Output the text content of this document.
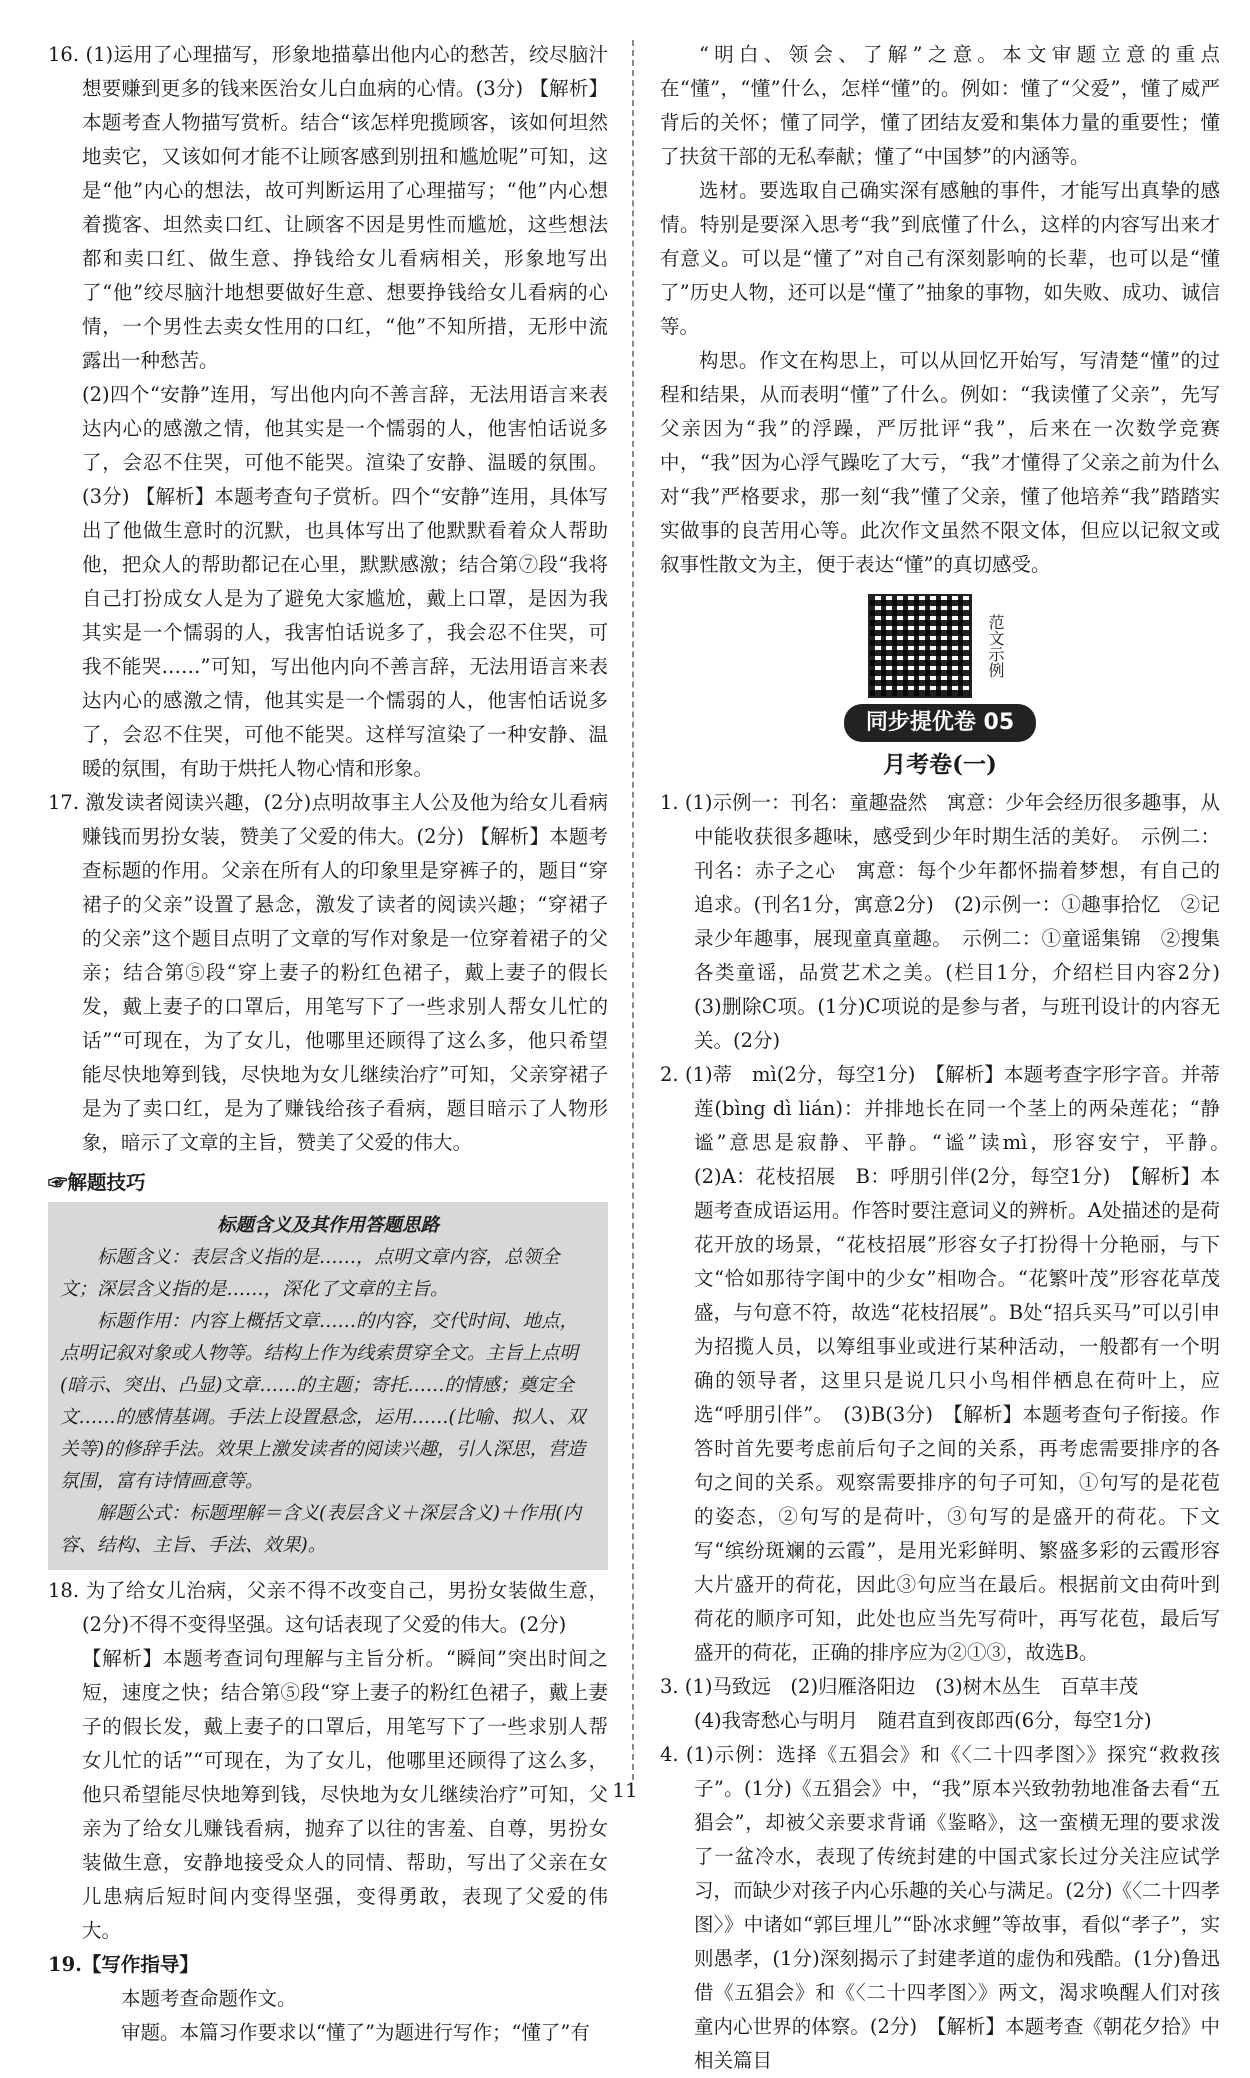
16. (1)运用了心理描写，形象地描摹出他内心的愁苦，绞尽脑汁想要赚到更多的钱来医治女儿白血病的心情。(3分) 【解析】本题考查人物描写赏析。结合“该怎样兜揽顾客，该如何坦然地卖它，又该如何才能不让顾客感到别扭和尴尬呢”可知，这是“他”内心的想法，故可判断运用了心理描写；“他”内心想着揽客、坦然卖口红、让顾客不因是男性而尴尬，这些想法都和卖口红、做生意、挣钱给女儿看病相关，形象地写出了“他”绞尽脑汁地想要做好生意、想要挣钱给女儿看病的心情，一个男性去卖女性用的口红，“他”不知所措，无形中流露出一种愁苦。

(2)四个“安静”连用，写出他内向不善言辞，无法用语言来表达内心的感激之情，他其实是一个懦弱的人，他害怕话说多了，会忍不住哭，可他不能哭。渲染了安静、温暖的氛围。(3分) 【解析】本题考查句子赏析。四个“安静”连用，具体写出了他做生意时的沉默，也具体写出了他默默看着众人帮助他，把众人的帮助都记在心里，默默感激；结合第⑦段“我将自己打扮成女人是为了避免大家尴尬，戴上口罩，是因为我其实是一个懦弱的人，我害怕话说多了，我会忍不住哭，可我不能哭……”可知，写出他内向不善言辞，无法用语言来表达内心的感激之情，他其实是一个懦弱的人，他害怕话说多了，会忍不住哭，可他不能哭。这样写渲染了一种安静、温暖的氛围，有助于烘托人物心情和形象。

17. 激发读者阅读兴趣，(2分)点明故事主人公及他为给女儿看病赚钱而男扮女装，赞美了父爱的伟大。(2分) 【解析】本题考查标题的作用。父亲在所有人的印象里是穿裤子的，题目“穿裙子的父亲”设置了悬念，激发了读者的阅读兴趣；“穿裙子的父亲”这个题目点明了文章的写作对象是一位穿着裙子的父亲；结合第⑤段“穿上妻子的粉红色裙子，戴上妻子的假长发，戴上妻子的口罩后，用笔写下了一些求别人帮女儿忙的话”“可现在，为了女儿，他哪里还顾得了这么多，他只希望能尽快地筹到钱，尽快地为女儿继续治疗”可知，父亲穿裙子是为了卖口红，是为了赚钱给孩子看病，题目暗示了人物形象，暗示了文章的主旨，赞美了父爱的伟大。

☞解题技巧
标题含义及其作用答题思路

标题含义：表层含义指的是……，点明文章内容，总领全文；深层含义指的是……，深化了文章的主旨。

标题作用：内容上概括文章……的内容，交代时间、地点，点明记叙对象或人物等。结构上作为线索贯穿全文。主旨上点明(暗示、突出、凸显)文章……的主题；寄托……的情感；奠定全文……的感情基调。手法上设置悬念，运用……(比喻、拟人、双关等)的修辞手法。效果上激发读者的阅读兴趣，引人深思，营造氛围，富有诗情画意等。

解题公式：标题理解＝含义(表层含义＋深层含义)＋作用(内容、结构、主旨、手法、效果)。

18. 为了给女儿治病，父亲不得不改变自己，男扮女装做生意，(2分)不得不变得坚强。这句话表现了父爱的伟大。(2分)

【解析】本题考查词句理解与主旨分析。“瞬间”突出时间之短，速度之快；结合第⑤段“穿上妻子的粉红色裙子，戴上妻子的假长发，戴上妻子的口罩后，用笔写下了一些求别人帮女儿忙的话”“可现在，为了女儿，他哪里还顾得了这么多，他只希望能尽快地筹到钱，尽快地为女儿继续治疗”可知，父亲为了给女儿赚钱看病，抛弃了以往的害羞、自尊，男扮女装做生意，安静地接受众人的同情、帮助，写出了父亲在女儿患病后短时间内变得坚强，变得勇敢，表现了父爱的伟大。

19.【写作指导】

本题考查命题作文。

审题。本篇习作要求以“懂了”为题进行写作；“懂了”有

“明白、领会、了解”之意。本文审题立意的重点在“懂”，“懂”什么，怎样“懂”的。例如：懂了“父爱”，懂了威严背后的关怀；懂了同学，懂了团结友爱和集体力量的重要性；懂了扶贫干部的无私奉献；懂了“中国梦”的内涵等。

选材。要选取自己确实深有感触的事件，才能写出真挚的感情。特别是要深入思考“我”到底懂了什么，这样的内容写出来才有意义。可以是“懂了”对自己有深刻影响的长辈，也可以是“懂了”历史人物，还可以是“懂了”抽象的事物，如失败、成功、诚信等。

构思。作文在构思上，可以从回忆开始写，写清楚“懂”的过程和结果，从而表明“懂”了什么。例如：“我读懂了父亲”，先写父亲因为“我”的浮躁，严厉批评“我”，后来在一次数学竞赛中，“我”因为心浮气躁吃了大亏，“我”才懂得了父亲之前为什么对“我”严格要求，那一刻“我”懂了父亲，懂了他培养“我”踏踏实实做事的良苦用心等。此次作文虽然不限文体，但应以记叙文或叙事性散文为主，便于表达“懂”的真切感受。

范文示例
同步提优卷 05
月考卷(一)

1. (1)示例一：刊名：童趣盎然　寓意：少年会经历很多趣事，从中能收获很多趣味，感受到少年时期生活的美好。　示例二：刊名：赤子之心　寓意：每个少年都怀揣着梦想，有自己的追求。(刊名1分，寓意2分)　(2)示例一：①趣事拾忆　②记录少年趣事，展现童真童趣。　示例二：①童谣集锦　②搜集各类童谣，品赏艺术之美。(栏目1分，介绍栏目内容2分)　(3)删除C项。(1分)C项说的是参与者，与班刊设计的内容无关。(2分)

2. (1)蒂　mì(2分，每空1分)　【解析】本题考查字形字音。并蒂莲(bìng dì lián)：并排地长在同一个茎上的两朵莲花；“静谧”意思是寂静、平静。“谧”读mì，形容安宁，平静。　(2)A：花枝招展　B：呼朋引伴(2分，每空1分)　【解析】本题考查成语运用。作答时要注意词义的辨析。A处描述的是荷花开放的场景，“花枝招展”形容女子打扮得十分艳丽，与下文“恰如那待字闺中的少女”相吻合。“花繁叶茂”形容花草茂盛，与句意不符，故选“花枝招展”。B处“招兵买马”可以引申为招揽人员，以筹组事业或进行某种活动，一般都有一个明确的领导者，这里只是说几只小鸟相伴栖息在荷叶上，应选“呼朋引伴”。　(3)B(3分)　【解析】本题考查句子衔接。作答时首先要考虑前后句子之间的关系，再考虑需要排序的各句之间的关系。观察需要排序的句子可知，①句写的是花苞的姿态，②句写的是荷叶，③句写的是盛开的荷花。下文写“缤纷斑斓的云霞”，是用光彩鲜明、繁盛多彩的云霞形容大片盛开的荷花，因此③句应当在最后。根据前文由荷叶到荷花的顺序可知，此处也应当先写荷叶，再写花苞，最后写盛开的荷花，正确的排序应为②①③，故选B。

3. (1)马致远　(2)归雁洛阳边　(3)树木丛生　百草丰茂

(4)我寄愁心与明月　随君直到夜郎西(6分，每空1分)

4. (1)示例：选择《五猖会》和《〈二十四孝图〉》探究“救救孩子”。(1分)《五猖会》中，“我”原本兴致勃勃地准备去看“五猖会”，却被父亲要求背诵《鉴略》，这一蛮横无理的要求泼了一盆冷水，表现了传统封建的中国式家长过分关注应试学习，而缺少对孩子内心乐趣的关心与满足。(2分)《〈二十四孝图〉》中诸如“郭巨埋儿”“卧冰求鲤”等故事，看似“孝子”，实则愚孝，(1分)深刻揭示了封建孝道的虚伪和残酷。(1分)鲁迅借《五猖会》和《〈二十四孝图〉》两文，渴求唤醒人们对孩童内心世界的体察。(2分)　【解析】本题考查《朝花夕拾》中相关篇目

11
